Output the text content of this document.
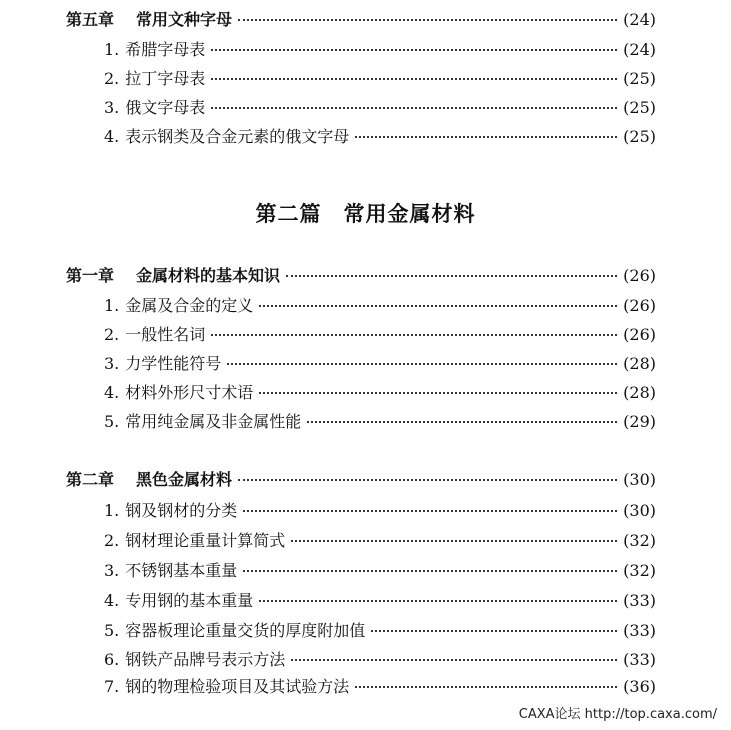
第五章 常用文种字母	(24)
1. 希腊字母表	(24)
2. 拉丁字母表	(25)
3. 俄文字母表	(25)
4. 表示钢类及合金元素的俄文字母	(25)
第二篇 常用金属材料
第一章 金属材料的基本知识	(26)
1. 金属及合金的定义	(26)
2. 一般性名词	(26)
3. 力学性能符号	(28)
4. 材料外形尺寸术语	(28)
5. 常用纯金属及非金属性能	(29)
第二章 黑色金属材料	(30)
1. 钢及钢材的分类	(30)
2. 钢材理论重量计算简式	(32)
3. 不锈钢基本重量	(32)
4. 专用钢的基本重量	(33)
5. 容器板理论重量交货的厚度附加值	(33)
6. 钢铁产品牌号表示方法	(33)
7. 钢的物理检验项目及其试验方法	(36)
CAXA论坛 http://top.caxa.com/
